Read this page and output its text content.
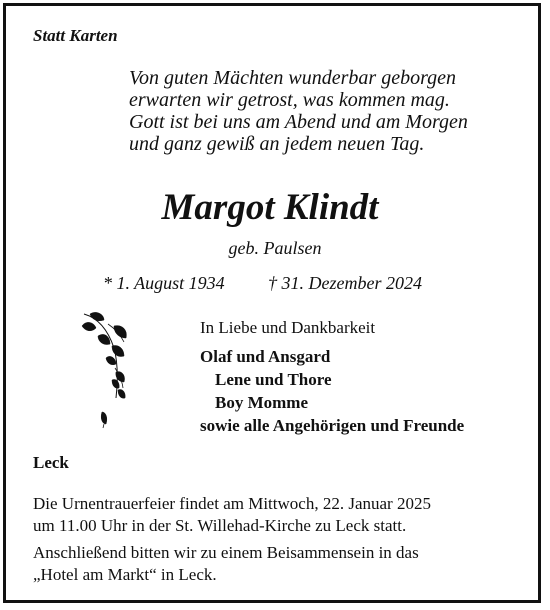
Statt Karten
Von guten Mächten wunderbar geborgen
erwarten wir getrost, was kommen mag.
Gott ist bei uns am Abend und am Morgen
und ganz gewiß an jedem neuen Tag.
Margot Klindt
geb. Paulsen
* 1. August 1934 † 31. Dezember 2024
In Liebe und Dankbarkeit
Olaf und Ansgard
Lene und Thore
Boy Momme
sowie alle Angehörigen und Freunde
Leck
Die Urnentrauerfeier findet am Mittwoch, 22. Januar 2025
um 11.00 Uhr in der St. Willehad-Kirche zu Leck statt.
Anschließend bitten wir zu einem Beisammensein in das
„Hotel am Markt“ in Leck.
